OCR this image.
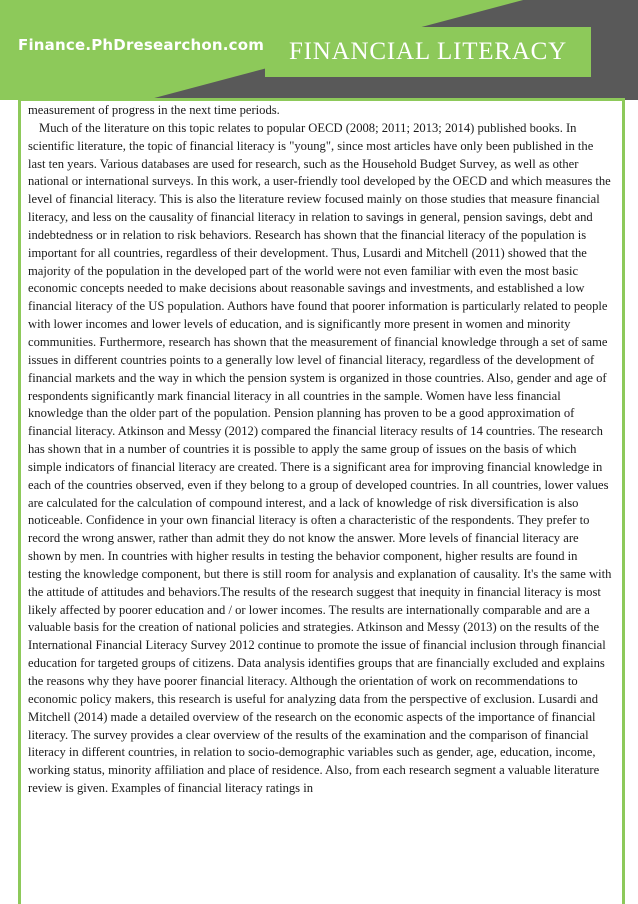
Finance.PhDresearchon.com FINANCIAL LITERACY

measurement of progress in the next time periods.

Much of the literature on this topic relates to popular OECD (2008; 2011; 2013; 2014) published books. In scientific literature, the topic of financial literacy is "young", since most articles have only been published in the last ten years. Various databases are used for research, such as the Household Budget Survey, as well as other national or international surveys. In this work, a user-friendly tool developed by the OECD and which measures the level of financial literacy. This is also the literature review focused mainly on those studies that measure financial literacy, and less on the causality of financial literacy in relation to savings in general, pension savings, debt and indebtedness or in relation to risk behaviors. Research has shown that the financial literacy of the population is important for all countries, regardless of their development. Thus, Lusardi and Mitchell (2011) showed that the majority of the population in the developed part of the world were not even familiar with even the most basic economic concepts needed to make decisions about reasonable savings and investments, and established a low financial literacy of the US population. Authors have found that poorer information is particularly related to people with lower incomes and lower levels of education, and is significantly more present in women and minority communities. Furthermore, research has shown that the measurement of financial knowledge through a set of same issues in different countries points to a generally low level of financial literacy, regardless of the development of financial markets and the way in which the pension system is organized in those countries. Also, gender and age of respondents significantly mark financial literacy in all countries in the sample. Women have less financial knowledge than the older part of the population. Pension planning has proven to be a good approximation of financial literacy. Atkinson and Messy (2012) compared the financial literacy results of 14 countries. The research has shown that in a number of countries it is possible to apply the same group of issues on the basis of which simple indicators of financial literacy are created. There is a significant area for improving financial knowledge in each of the countries observed, even if they belong to a group of developed countries. In all countries, lower values are calculated for the calculation of compound interest, and a lack of knowledge of risk diversification is also noticeable. Confidence in your own financial literacy is often a characteristic of the respondents. They prefer to record the wrong answer, rather than admit they do not know the answer. More levels of financial literacy are shown by men. In countries with higher results in testing the behavior component, higher results are found in testing the knowledge component, but there is still room for analysis and explanation of causality. It's the same with the attitude of attitudes and behaviors.The results of the research suggest that inequity in financial literacy is most likely affected by poorer education and / or lower incomes. The results are internationally comparable and are a valuable basis for the creation of national policies and strategies. Atkinson and Messy (2013) on the results of the International Financial Literacy Survey 2012 continue to promote the issue of financial inclusion through financial education for targeted groups of citizens. Data analysis identifies groups that are financially excluded and explains the reasons why they have poorer financial literacy. Although the orientation of work on recommendations to economic policy makers, this research is useful for analyzing data from the perspective of exclusion. Lusardi and Mitchell (2014) made a detailed overview of the research on the economic aspects of the importance of financial literacy. The survey provides a clear overview of the results of the examination and the comparison of financial literacy in different countries, in relation to socio-demographic variables such as gender, age, education, income, working status, minority affiliation and place of residence. Also, from each research segment a valuable literature review is given. Examples of financial literacy ratings in
